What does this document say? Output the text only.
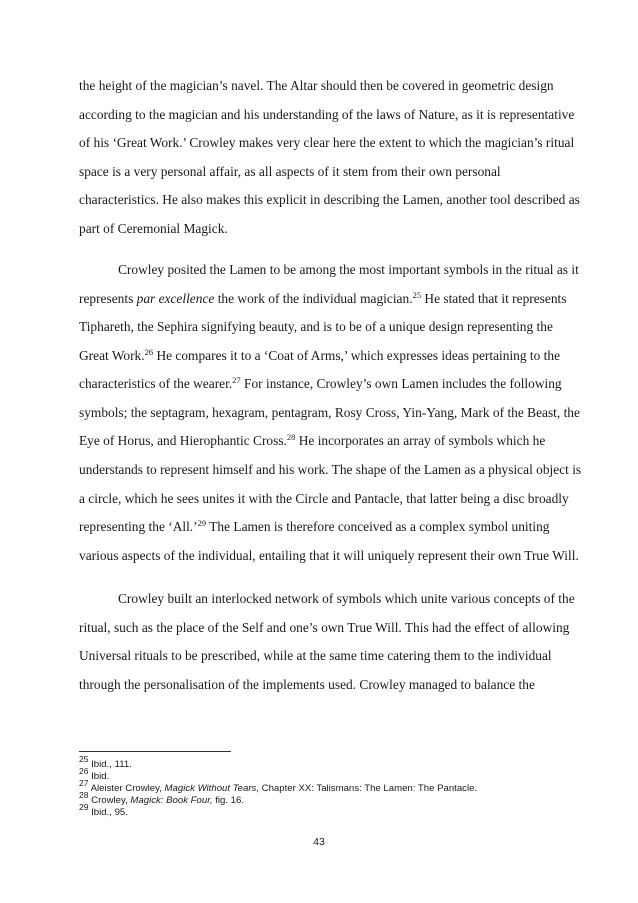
the height of the magician’s navel. The Altar should then be covered in geometric design
according to the magician and his understanding of the laws of Nature, as it is representative
of his ‘Great Work.’ Crowley makes very clear here the extent to which the magician’s ritual
space is a very personal affair, as all aspects of it stem from their own personal
characteristics. He also makes this explicit in describing the Lamen, another tool described as
part of Ceremonial Magick.
Crowley posited the Lamen to be among the most important symbols in the ritual as it
represents par excellence the work of the individual magician.$^{25}$ He stated that it represents
Tiphareth, the Sephira signifying beauty, and is to be of a unique design representing the
Great Work.$^{26}$ He compares it to a ‘Coat of Arms,’ which expresses ideas pertaining to the
characteristics of the wearer.$^{27}$ For instance, Crowley’s own Lamen includes the following
symbols; the septagram, hexagram, pentagram, Rosy Cross, Yin-Yang, Mark of the Beast, the
Eye of Horus, and Hierophantic Cross.$^{28}$ He incorporates an array of symbols which he
understands to represent himself and his work. The shape of the Lamen as a physical object is
a circle, which he sees unites it with the Circle and Pantacle, that latter being a disc broadly
representing the ‘All.’$^{29}$ The Lamen is therefore conceived as a complex symbol uniting
various aspects of the individual, entailing that it will uniquely represent their own True Will.
Crowley built an interlocked network of symbols which unite various concepts of the
ritual, such as the place of the Self and one’s own True Will. This had the effect of allowing
Universal rituals to be prescribed, while at the same time catering them to the individual
through the personalisation of the implements used. Crowley managed to balance the
$^{25}$ Ibid., 111.
$^{26}$ Ibid.
$^{27}$ Aleister Crowley, Magick Without Tears, Chapter XX: Talismans: The Lamen: The Pantacle.
$^{28}$ Crowley, Magick: Book Four, fig. 16.
$^{29}$ Ibid., 95.
43
